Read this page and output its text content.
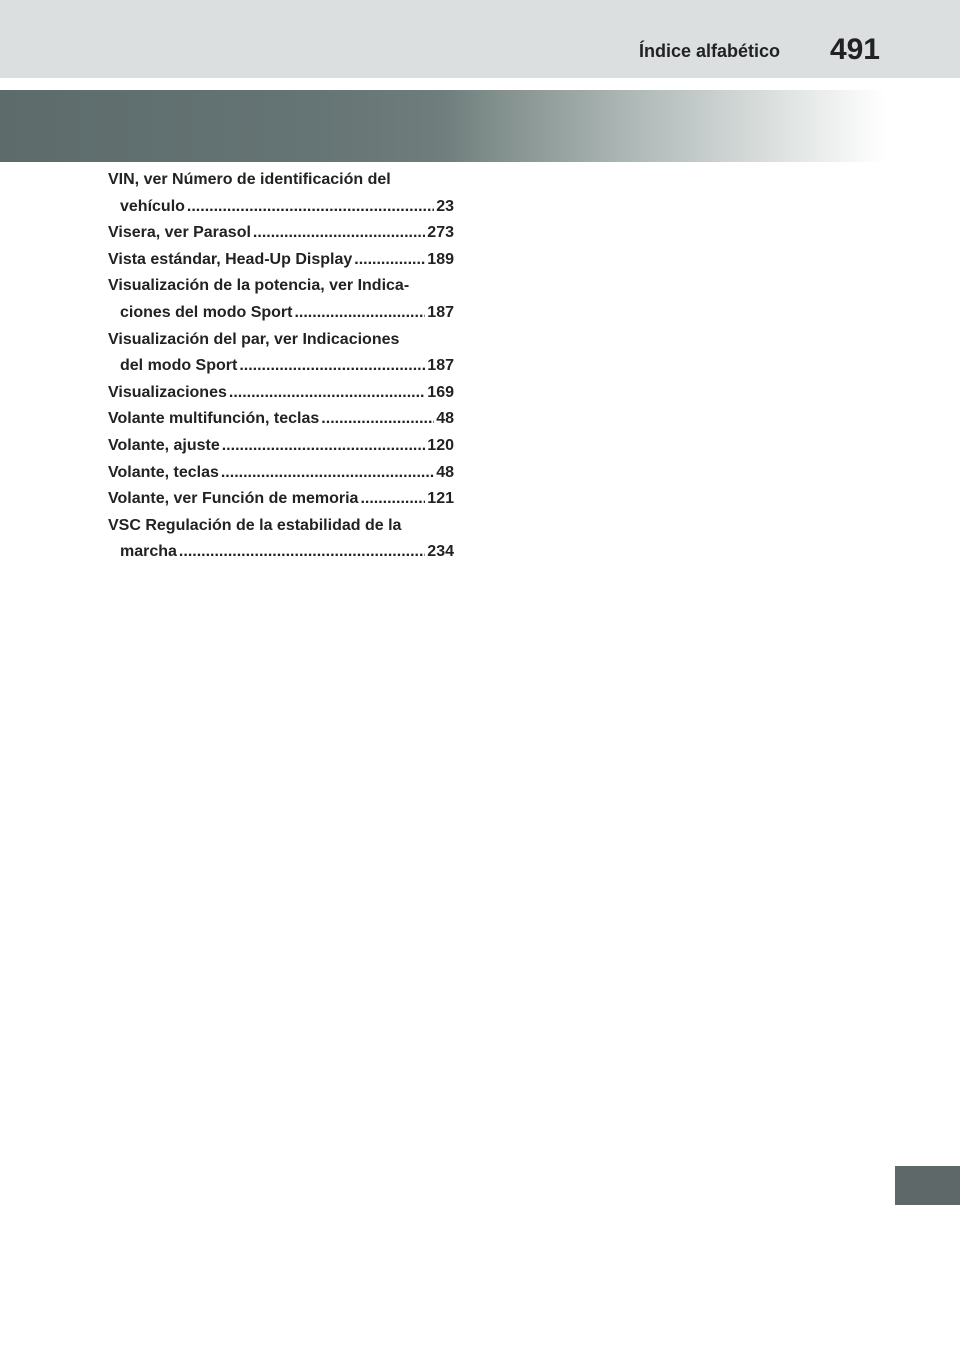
Índice alfabético 491
VIN, ver Número de identificación del
vehículo .....	23
Visera, ver Parasol .....	273
Vista estándar, Head-Up Display .....	189
Visualización de la potencia, ver Indica-
ciones del modo Sport .....	187
Visualización del par, ver Indicaciones
del modo Sport .....	187
Visualizaciones .....	169
Volante multifunción, teclas .....	48
Volante, ajuste .....	120
Volante, teclas .....	48
Volante, ver Función de memoria .....	121
VSC Regulación de la estabilidad de la
marcha .....	234
